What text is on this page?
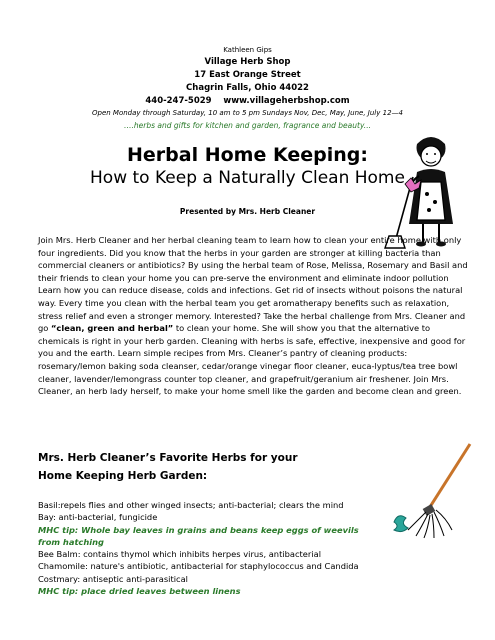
Kathleen Gips
Village Herb Shop
17 East Orange Street
Chagrin Falls, Ohio 44022
440-247-5029    www.villageherbshop.com
Open Monday through Saturday, 10 am to 5 pm Sundays Nov, Dec, May, June, July 12—4
….herbs and gifts for kitchen and garden, fragrance and beauty...
Herbal Home Keeping:
How to Keep a Naturally Clean Home
Presented by Mrs. Herb Cleaner
Join Mrs. Herb Cleaner and her herbal cleaning team to learn how to clean your entire home with only four ingredients. Did you know that the herbs in your garden are stronger at killing bacteria than commercial cleaners or antibiotics? By using the herbal team of Rose, Melissa, Rosemary and Basil and their friends to clean your home you can pre-serve the environment and eliminate indoor pollution Learn how you can reduce disease, colds and infections. Get rid of insects without poisons the natural way. Every time you clean with the herbal team you get aromatherapy benefits such as relaxation, stress relief and even a stronger memory. Interested? Take the herbal challenge from Mrs. Cleaner and go “clean, green and herbal” to clean your home. She will show you that the alternative to chemicals is right in your herb garden. Cleaning with herbs is safe, effective, inexpensive and good for you and the earth. Learn simple recipes from Mrs. Cleaner’s pantry of cleaning products: rosemary/lemon baking soda cleanser, cedar/orange vinegar floor cleaner, euca-lyptus/tea tree bowl cleaner, lavender/lemongrass counter top cleaner, and grapefruit/geranium air freshener. Join Mrs. Cleaner, an herb lady herself, to make your home smell like the garden and become clean and green.
Mrs. Herb Cleaner’s Favorite Herbs for your
Home Keeping Herb Garden:
Basil:repels flies and other winged insects; anti-bacterial; clears the mind
Bay: anti-bacterial, fungicide
MHC tip: Whole bay leaves in grains and beans keep eggs of weevils
from hatching
Bee Balm: contains thymol which inhibits herpes virus, antibacterial
Chamomile: nature's antibiotic, antibacterial for staphylococcus and Candida
Costmary: antiseptic anti-parasitical
MHC tip: place dried leaves between linens
